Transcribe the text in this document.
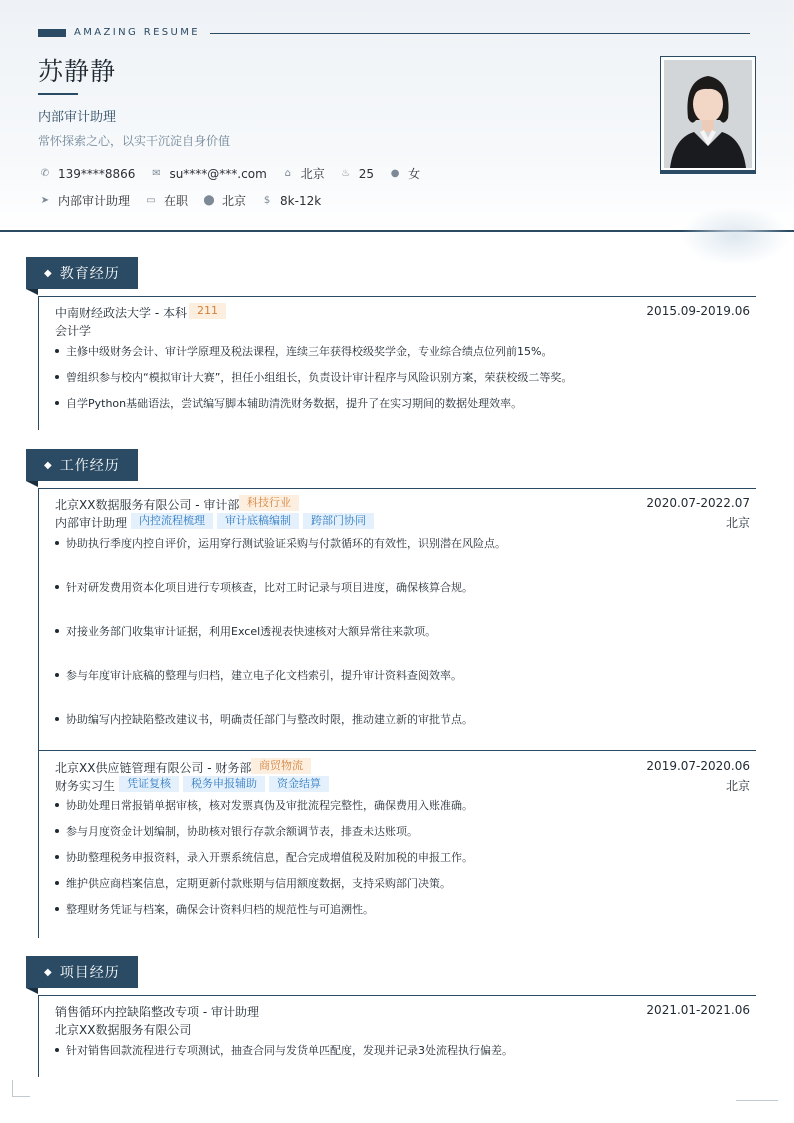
AMAZING RESUME
苏静静
内部审计助理
常怀探索之心，以实干沉淀自身价值
✆ 139****8866 ✉ su****@***.com	⌂ 北京 ♨ 25 ● 女
➤ 内部审计助理 ▭ 在职 ⬤ 北京	$ 8k-12k
◆ 教育经历
中南财经政法大学 - 本科 211	2015.09-2019.06
会计学
主修中级财务会计、审计学原理及税法课程，连续三年获得校级奖学金，专业综合绩点位列前15%。
曾组织参与校内“模拟审计大赛”，担任小组组长，负责设计审计程序与风险识别方案，荣获校级二等奖。
自学Python基础语法，尝试编写脚本辅助清洗财务数据，提升了在实习期间的数据处理效率。
◆ 工作经历
北京XX数据服务有限公司 - 审计部 科技行业	2020.07-2022.07
内部审计助理	内控流程梳理	审计底稿编制	跨部门协同	北京
协助执行季度内控自评价，运用穿行测试验证采购与付款循环的有效性，识别潜在风险点。
针对研发费用资本化项目进行专项核查，比对工时记录与项目进度，确保核算合规。
对接业务部门收集审计证据，利用Excel透视表快速核对大额异常往来款项。
参与年度审计底稿的整理与归档，建立电子化文档索引，提升审计资料查阅效率。
协助编写内控缺陷整改建议书，明确责任部门与整改时限，推动建立新的审批节点。
北京XX供应链管理有限公司 - 财务部 商贸物流	2019.07-2020.06
财务实习生	凭证复核	税务申报辅助	资金结算	北京
协助处理日常报销单据审核，核对发票真伪及审批流程完整性，确保费用入账准确。
参与月度资金计划编制，协助核对银行存款余额调节表，排查未达账项。
协助整理税务申报资料，录入开票系统信息，配合完成增值税及附加税的申报工作。
维护供应商档案信息，定期更新付款账期与信用额度数据，支持采购部门决策。
整理财务凭证与档案，确保会计资料归档的规范性与可追溯性。
◆ 项目经历
销售循环内控缺陷整改专项 - 审计助理	2021.01-2021.06
北京XX数据服务有限公司
针对销售回款流程进行专项测试，抽查合同与发货单匹配度，发现并记录3处流程执行偏差。
